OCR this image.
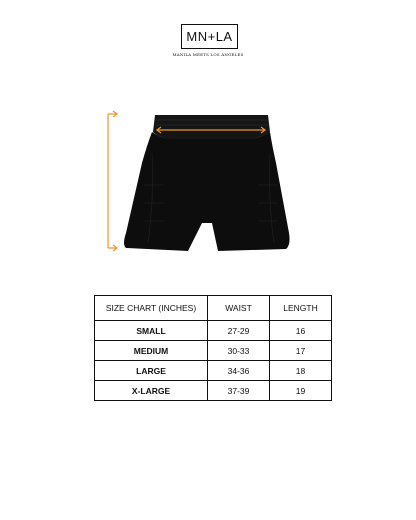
MN+LA
MANILA MEETS LOS ANGELES
SIZE CHART (INCHES)	WAIST	LENGTH
SMALL	27-29	16
MEDIUM	30-33	17
LARGE	34-36	18
X-LARGE	37-39	19
